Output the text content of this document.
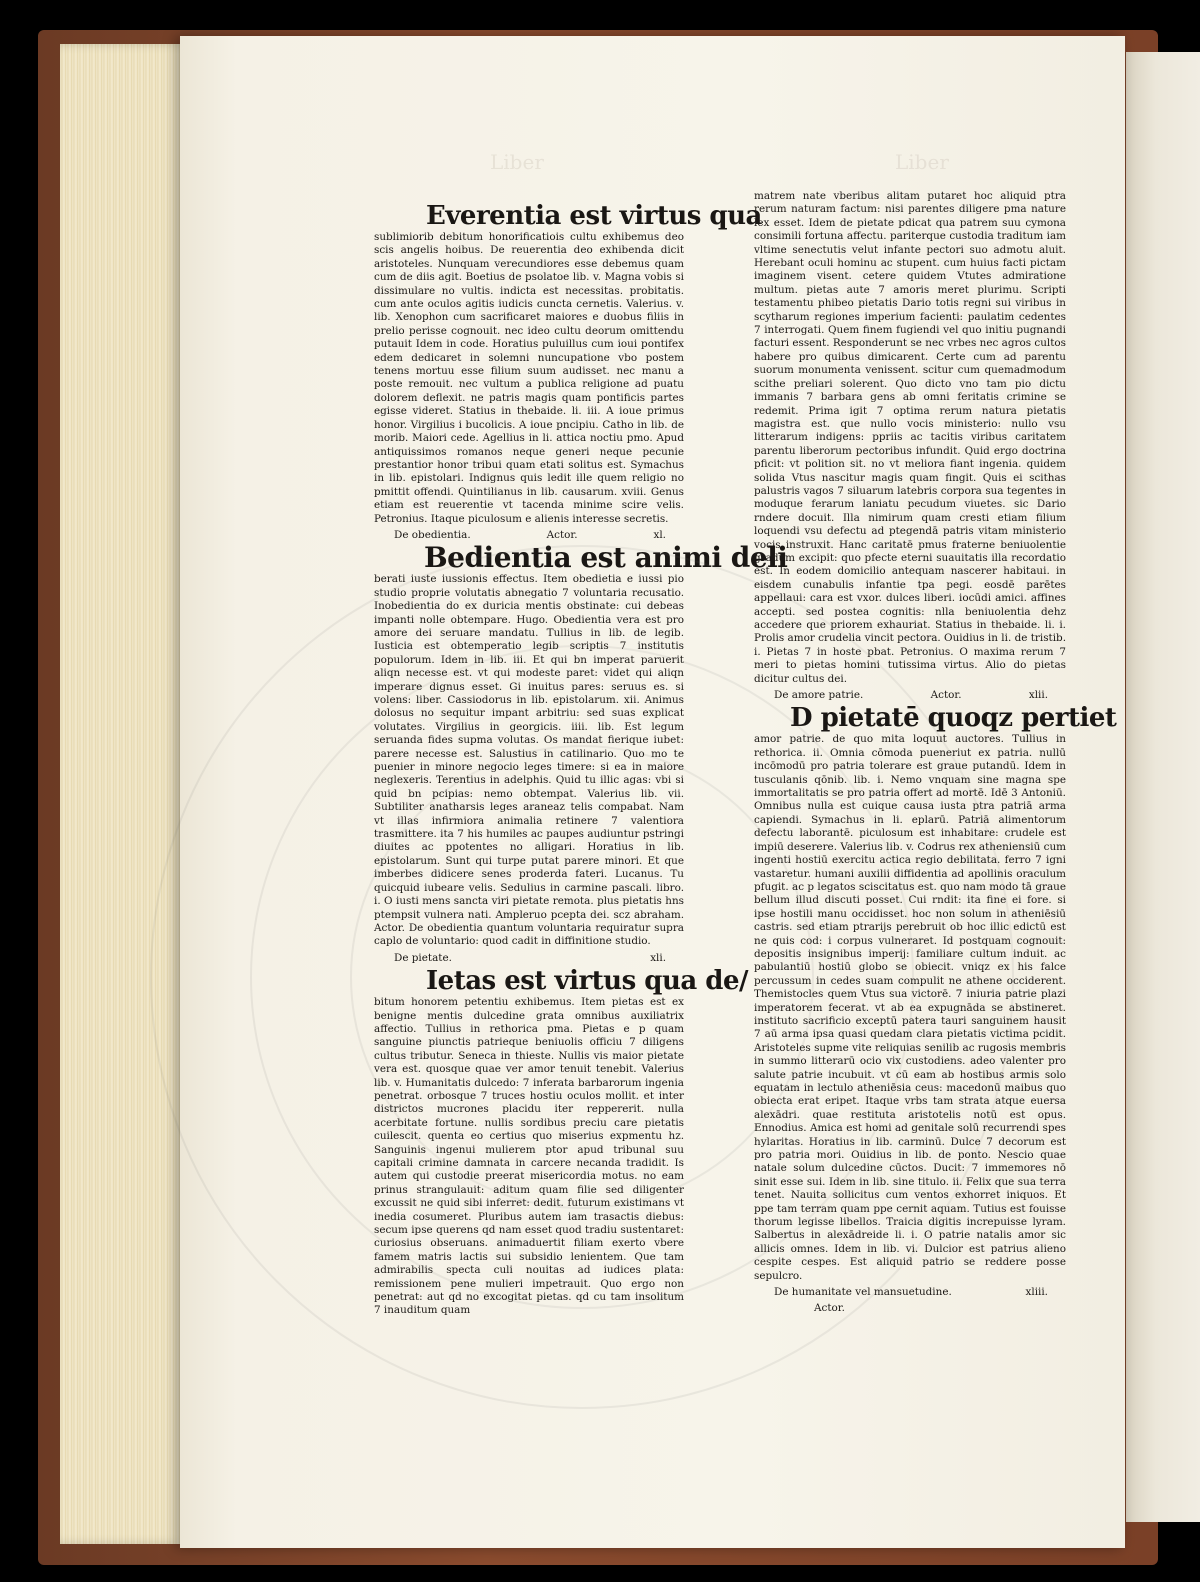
Liber	Liber
Everentia est virtus qua

sublimiorib debitum honorificatiois cultu exhibemus deo scis angelis hoibus. De reuerentia deo exhibenda dicit aristoteles. Nunquam verecundiores esse debemus quam cum de diis agit. Boetius de psolatoe lib. v. Magna vobis si dissimulare no vultis. indicta est necessitas. probitatis. cum ante oculos agitis iudicis cuncta cernetis. Valerius. v. lib. Xenophon cum sacrificaret maiores e duobus filiis in prelio perisse cognouit. nec ideo cultu deorum omittendu putauit Idem in code. Horatius puluillus cum ioui pontifex edem dedicaret in solemni nuncupatione vbo postem tenens mortuu esse filium suum audisset. nec manu a poste remouit. nec vultum a publica religione ad puatu dolorem deflexit. ne patris magis quam pontificis partes egisse videret. Statius in thebaide. li. iii. A ioue primus honor. Virgilius i bucolicis. A ioue pncipiu. Catho in lib. de morib. Maiori cede. Agellius in li. attica noctiu pmo. Apud antiquissimos romanos neque generi neque pecunie prestantior honor tribui quam etati solitus est. Symachus in lib. epistolari. Indignus quis ledit ille quem religio no pmittit offendi. Quintilianus in lib. causarum. xviii. Genus etiam est reuerentie vt tacenda minime scire velis. Petronius. Itaque piculosum e alienis interesse secretis.

De obedientia.	Actor.	xl.
Bedientia est animi deli

berati iuste iussionis effectus. Item obedietia e iussi pio studio proprie volutatis abnegatio 7 voluntaria recusatio. Inobedientia do ex duricia mentis obstinate: cui debeas impanti nolle obtempare. Hugo. Obedientia vera est pro amore dei seruare mandatu. Tullius in lib. de legib. Iusticia est obtemperatio legib scriptis 7 institutis populorum. Idem in lib. iii. Et qui bn imperat paruerit aliqn necesse est. vt qui modeste paret: videt qui aliqn imperare dignus esset. Gi inuitus pares: seruus es. si volens: liber. Cassiodorus in lib. epistolarum. xii. Animus dolosus no sequitur impant arbitriu: sed suas explicat volutates. Virgilius in georgicis. iiii. lib. Est legum seruanda fides supma volutas. Os mandat fierique iubet: parere necesse est. Salustius in catilinario. Quo mo te puenier in minore negocio leges timere: si ea in maiore neglexeris. Terentius in adelphis. Quid tu illic agas: vbi si quid bn pcipias: nemo obtempat. Valerius lib. vii. Subtiliter anatharsis leges araneaz telis compabat. Nam vt illas infirmiora animalia retinere 7 valentiora trasmittere. ita 7 his humiles ac paupes audiuntur pstringi diuites ac ppotentes no alligari. Horatius in lib. epistolarum. Sunt qui turpe putat parere minori. Et que imberbes didicere senes proderda fateri. Lucanus. Tu quicquid iubeare velis. Sedulius in carmine pascali. libro. i. O iusti mens sancta viri pietate remota. plus pietatis hns ptempsit vulnera nati. Ampleruo pcepta dei. scz abraham. Actor. De obedientia quantum voluntaria requiratur supra caplo de voluntario: quod cadit in diffinitione studio.

De pietate.	xli.
Ietas est virtus qua de/

bitum honorem petentiu exhibemus. Item pietas est ex benigne mentis dulcedine grata omnibus auxiliatrix affectio. Tullius in rethorica pma. Pietas e p quam sanguine piunctis patrieque beniuolis officiu 7 diligens cultus tributur. Seneca in thieste. Nullis vis maior pietate vera est. quosque quae ver amor tenuit tenebit. Valerius lib. v. Humanitatis dulcedo: 7 inferata barbarorum ingenia penetrat. orbosque 7 truces hostiu oculos mollit. et inter districtos mucrones placidu iter reppererit. nulla acerbitate fortune. nullis sordibus preciu care pietatis cuilescit. quenta eo certius quo miserius expmentu hz. Sanguinis ingenui mulierem ptor apud tribunal suu capitali crimine damnata in carcere necanda tradidit. Is autem qui custodie preerat misericordia motus. no eam prinus strangulauit: aditum quam filie sed diligenter excussit ne quid sibi inferret: dedit. futurum existimans vt inedia cosumeret. Pluribus autem iam trasactis diebus: secum ipse querens qd nam esset quod tradiu sustentaret: curiosius obseruans. animaduertit filiam exerto vbere famem matris lactis sui subsidio lenientem. Que tam admirabilis specta culi nouitas ad iudices plata: remissionem pene mulieri impetrauit. Quo ergo non penetrat: aut qd no excogitat pietas. qd cu tam insolitum 7 inauditum quam

matrem nate vberibus alitam putaret hoc aliquid ptra rerum naturam factum: nisi parentes diligere pma nature lex esset. Idem de pietate pdicat qua patrem suu cymona consimili fortuna affectu. pariterque custodia traditum iam vltime senectutis velut infante pectori suo admotu aluit. Herebant oculi hominu ac stupent. cum huius facti pictam imaginem visent. cetere quidem Vtutes admiratione multum. pietas aute 7 amoris meret plurimu. Scripti testamentu phibeo pietatis Dario totis regni sui viribus in scytharum regiones imperium facienti: paulatim cedentes 7 interrogati. Quem finem fugiendi vel quo initiu pugnandi facturi essent. Responderunt se nec vrbes nec agros cultos habere pro quibus dimicarent. Certe cum ad parentu suorum monumenta venissent. scitur cum quemadmodum scithe preliari solerent. Quo dicto vno tam pio dictu immanis 7 barbara gens ab omni feritatis crimine se redemit. Prima igit 7 optima rerum natura pietatis magistra est. que nullo vocis ministerio: nullo vsu litterarum indigens: ppriis ac tacitis viribus caritatem parentu liberorum pectoribus infundit. Quid ergo doctrina pficit: vt polition sit. no vt meliora fiant ingenia. quidem solida Vtus nascitur magis quam fingit. Quis ei scithas palustris vagos 7 siluarum latebris corpora sua tegentes in moduque ferarum laniatu pecudum viuetes. sic Dario rndere docuit. Illa nimirum quam cresti etiam filium loquendi vsu defectu ad ptegendā patris vitam ministerio vocis instruxit. Hanc caritatē pmus fraterne beniuolentie gradum excipit: quo pfecte eterni suauitatis illa recordatio est. In eodem domicilio antequam nascerer habitaui. in eisdem cunabulis infantie tpa pegi. eosdē parētes appellaui: cara est vxor. dulces liberi. iocūdi amici. affines accepti. sed postea cognitis: nlla beniuolentia dehz accedere que priorem exhauriat. Statius in thebaide. li. i. Prolis amor crudelia vincit pectora. Ouidius in li. de tristib. i. Pietas 7 in hoste pbat. Petronius. O maxima rerum 7 meri to pietas homini tutissima virtus. Alio do pietas dicitur cultus dei.

De amore patrie.	Actor.	xlii.
D pietatē quoqz pertiet

amor patrie. de quo mita loquut auctores. Tullius in rethorica. ii. Omnia cōmoda pueneriut ex patria. nullū incōmodū pro patria tolerare est graue putandū. Idem in tusculanis qōnib. lib. i. Nemo vnquam sine magna spe immortalitatis se pro patria offert ad mortē. Idē 3 Antoniū. Omnibus nulla est cuique causa iusta ptra patriā arma capiendi. Symachus in li. eplarū. Patriā alimentorum defectu laborantē. piculosum est inhabitare: crudele est impiū deserere. Valerius lib. v. Codrus rex atheniensiū cum ingenti hostiū exercitu actica regio debilitata. ferro 7 igni vastaretur. humani auxilii diffidentia ad apollinis oraculum pfugit. ac p legatos sciscitatus est. quo nam modo tā graue bellum illud discuti posset. Cui rndit: ita fine ei fore. si ipse hostili manu occidisset. hoc non solum in atheniēsiū castris. sed etiam ptrarijs perebruit ob hoc illic edictū est ne quis cod: i corpus vulneraret. Id postquam cognouit: depositis insignibus imperij: familiare cultum induit. ac pabulantiū hostiū globo se obiecit. vniqz ex his falce percussum in cedes suam compulit ne athene occiderent. Themistocles quem Vtus sua victorē. 7 iniuria patrie plazi imperatorem fecerat. vt ab ea expugnāda se abstineret. instituto sacrificio exceptū patera tauri sanguinem hausit 7 aū arma ipsa quasi quedam clara pietatis victima pcidit. Aristoteles supme vite reliquias senilib ac rugosis membris in summo litterarū ocio vix custodiens. adeo valenter pro salute patrie incubuit. vt cū eam ab hostibus armis solo equatam in lectulo atheniēsia ceus: macedonū maibus quo obiecta erat eripet. Itaque vrbs tam strata atque euersa alexādri. quae restituta aristotelis notū est opus. Ennodius. Amica est homi ad genitale solū recurrendi spes hylaritas. Horatius in lib. carminū. Dulce 7 decorum est pro patria mori. Ouidius in lib. de ponto. Nescio quae natale solum dulcedine cūctos. Ducit: 7 immemores nō sinit esse sui. Idem in lib. sine titulo. ii. Felix que sua terra tenet. Nauita sollicitus cum ventos exhorret iniquos. Et ppe tam terram quam ppe cernit aquam. Tutius est fouisse thorum legisse libellos. Traicia digitis increpuisse lyram. Salbertus in alexādreide li. i. O patrie natalis amor sic allicis omnes. Idem in lib. vi. Dulcior est patrius alieno cespite cespes. Est aliquid patrio se reddere posse sepulcro.

De humanitate vel mansuetudine.	xliii.
Actor.
